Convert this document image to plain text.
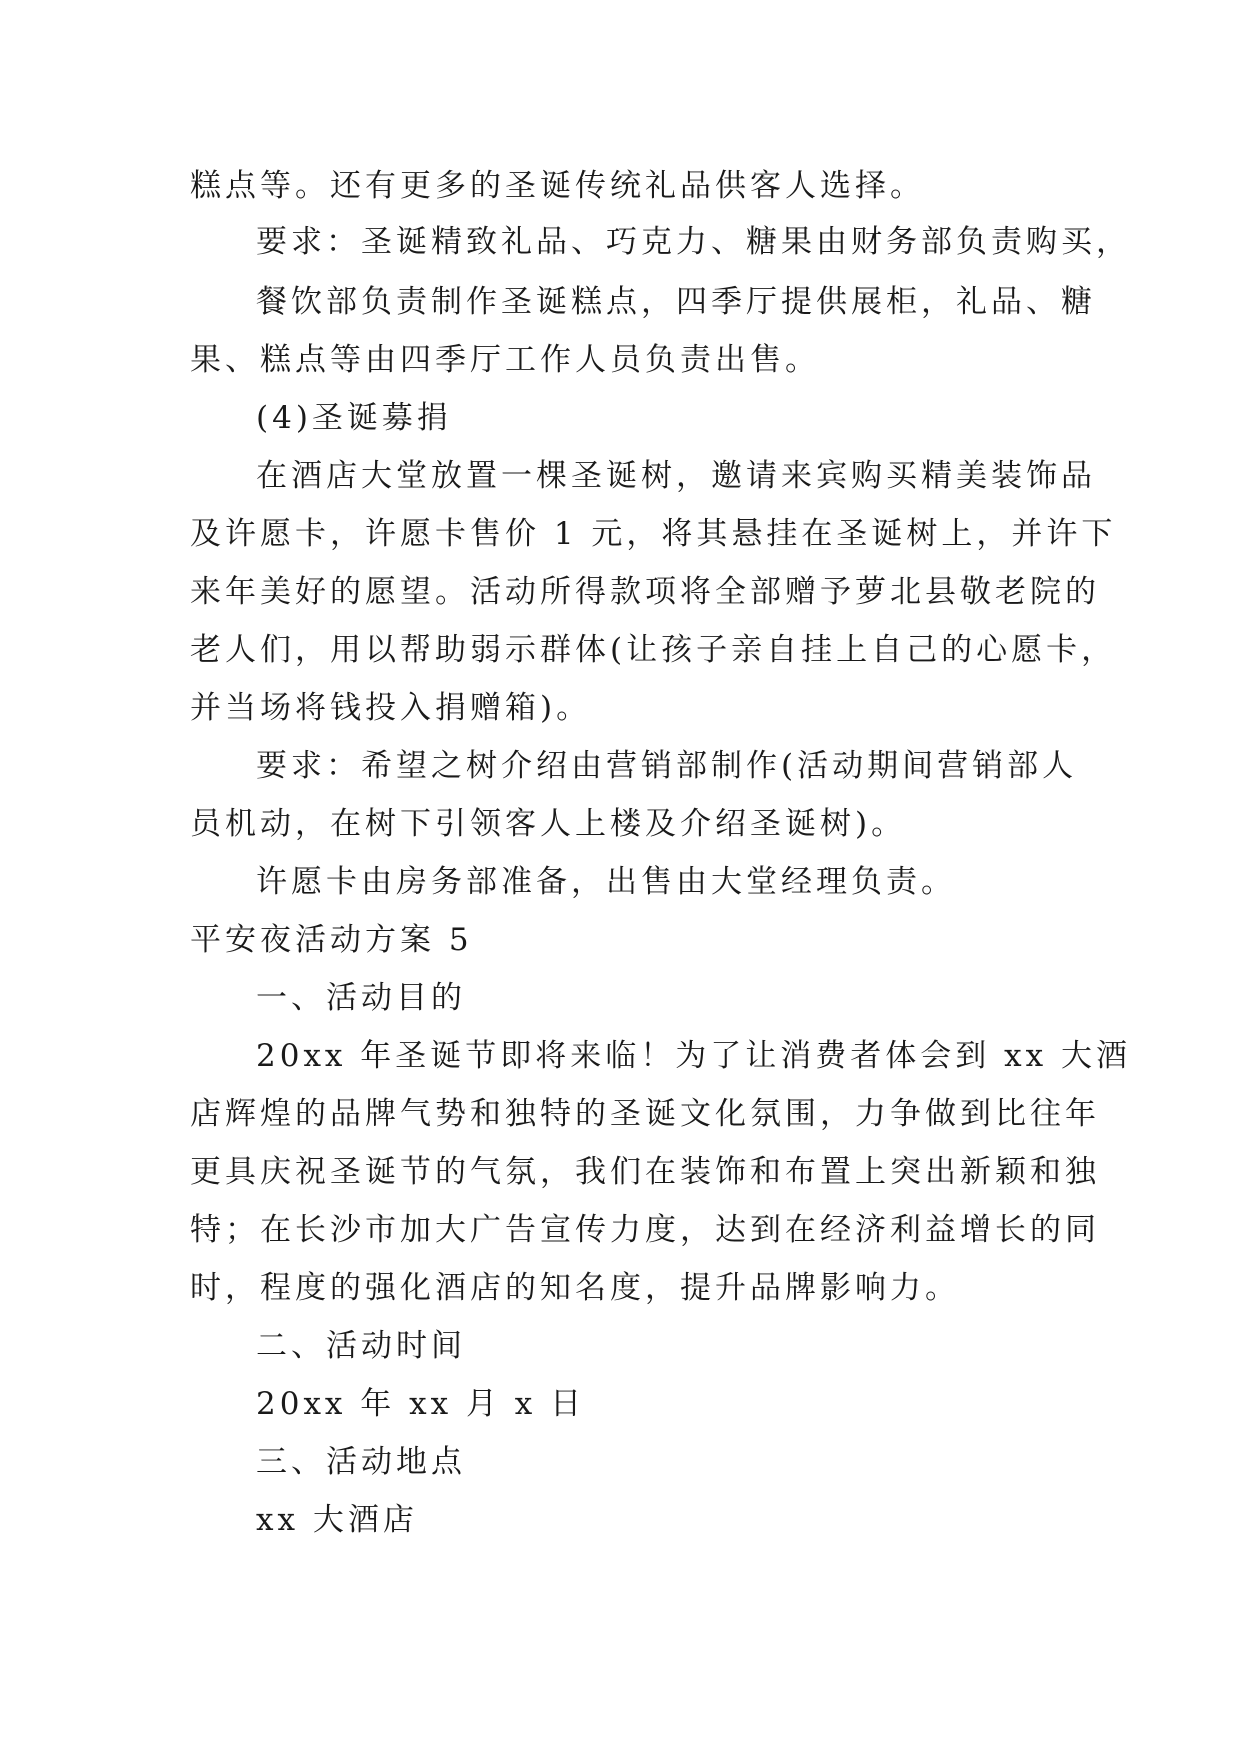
糕点等。还有更多的圣诞传统礼品供客人选择。
要求：圣诞精致礼品、巧克力、糖果由财务部负责购买，
餐饮部负责制作圣诞糕点，四季厅提供展柜，礼品、糖
果、糕点等由四季厅工作人员负责出售。
(4)圣诞募捐
在酒店大堂放置一棵圣诞树，邀请来宾购买精美装饰品
及许愿卡，许愿卡售价 1 元，将其悬挂在圣诞树上，并许下
来年美好的愿望。活动所得款项将全部赠予萝北县敬老院的
老人们，用以帮助弱示群体(让孩子亲自挂上自己的心愿卡，
并当场将钱投入捐赠箱)。
要求：希望之树介绍由营销部制作(活动期间营销部人
员机动，在树下引领客人上楼及介绍圣诞树)。
许愿卡由房务部准备，出售由大堂经理负责。
平安夜活动方案 5
一、活动目的
20xx 年圣诞节即将来临！为了让消费者体会到 xx 大酒
店辉煌的品牌气势和独特的圣诞文化氛围，力争做到比往年
更具庆祝圣诞节的气氛，我们在装饰和布置上突出新颖和独
特；在长沙市加大广告宣传力度，达到在经济利益增长的同
时，程度的强化酒店的知名度，提升品牌影响力。
二、活动时间
20xx 年 xx 月 x 日
三、活动地点
xx 大酒店
